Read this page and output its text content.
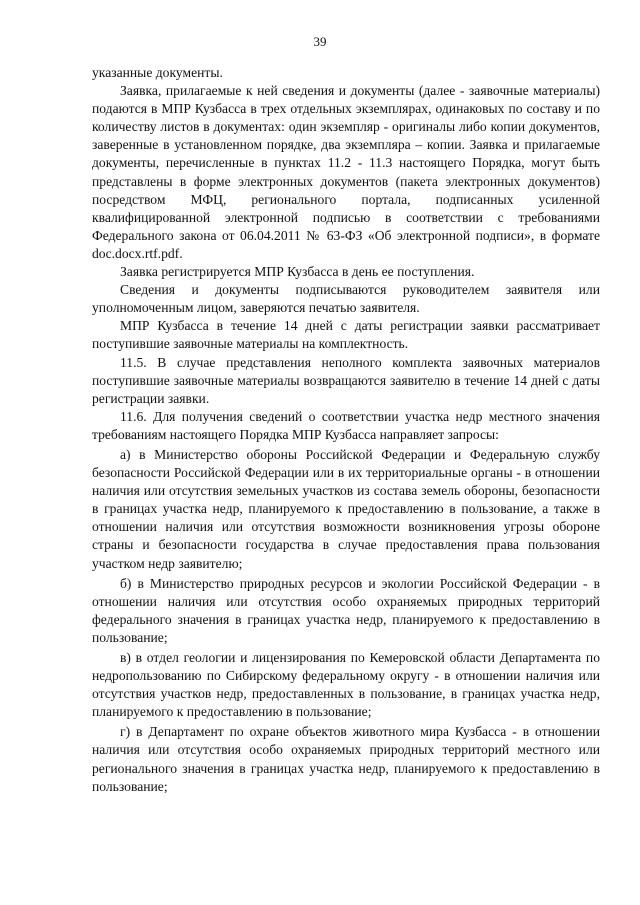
39

указанные документы.

Заявка, прилагаемые к ней сведения и документы (далее - заявочные материалы) подаются в МПР Кузбасса в трех отдельных экземплярах, одинаковых по составу и по количеству листов в документах: один экземпляр - оригиналы либо копии документов, заверенные в установленном порядке, два экземпляра – копии. Заявка и прилагаемые документы, перечисленные в пунктах 11.2 - 11.3 настоящего Порядка, могут быть представлены в форме электронных документов (пакета электронных документов) посредством МФЦ, регионального портала, подписанных усиленной квалифицированной электронной подписью в соответствии с требованиями Федерального закона от 06.04.2011 № 63-ФЗ «Об электронной подписи», в формате doc.docx.rtf.pdf.

Заявка регистрируется МПР Кузбасса в день ее поступления.

Сведения и документы подписываются руководителем заявителя или уполномоченным лицом, заверяются печатью заявителя.

МПР Кузбасса в течение 14 дней с даты регистрации заявки рассматривает поступившие заявочные материалы на комплектность.

11.5. В случае представления неполного комплекта заявочных материалов поступившие заявочные материалы возвращаются заявителю в течение 14 дней с даты регистрации заявки.

11.6. Для получения сведений о соответствии участка недр местного значения требованиям настоящего Порядка МПР Кузбасса направляет запросы:

а) в Министерство обороны Российской Федерации и Федеральную службу безопасности Российской Федерации или в их территориальные органы - в отношении наличия или отсутствия земельных участков из состава земель обороны, безопасности в границах участка недр, планируемого к предоставлению в пользование, а также в отношении наличия или отсутствия возможности возникновения угрозы обороне страны и безопасности государства в случае предоставления права пользования участком недр заявителю;

б) в Министерство природных ресурсов и экологии Российской Федерации - в отношении наличия или отсутствия особо охраняемых природных территорий федерального значения в границах участка недр, планируемого к предоставлению в пользование;

в) в отдел геологии и лицензирования по Кемеровской области Департамента по недропользованию по Сибирскому федеральному округу - в отношении наличия или отсутствия участков недр, предоставленных в пользование, в границах участка недр, планируемого к предоставлению в пользование;

г) в Департамент по охране объектов животного мира Кузбасса - в отношении наличия или отсутствия особо охраняемых природных территорий местного или регионального значения в границах участка недр, планируемого к предоставлению в пользование;
